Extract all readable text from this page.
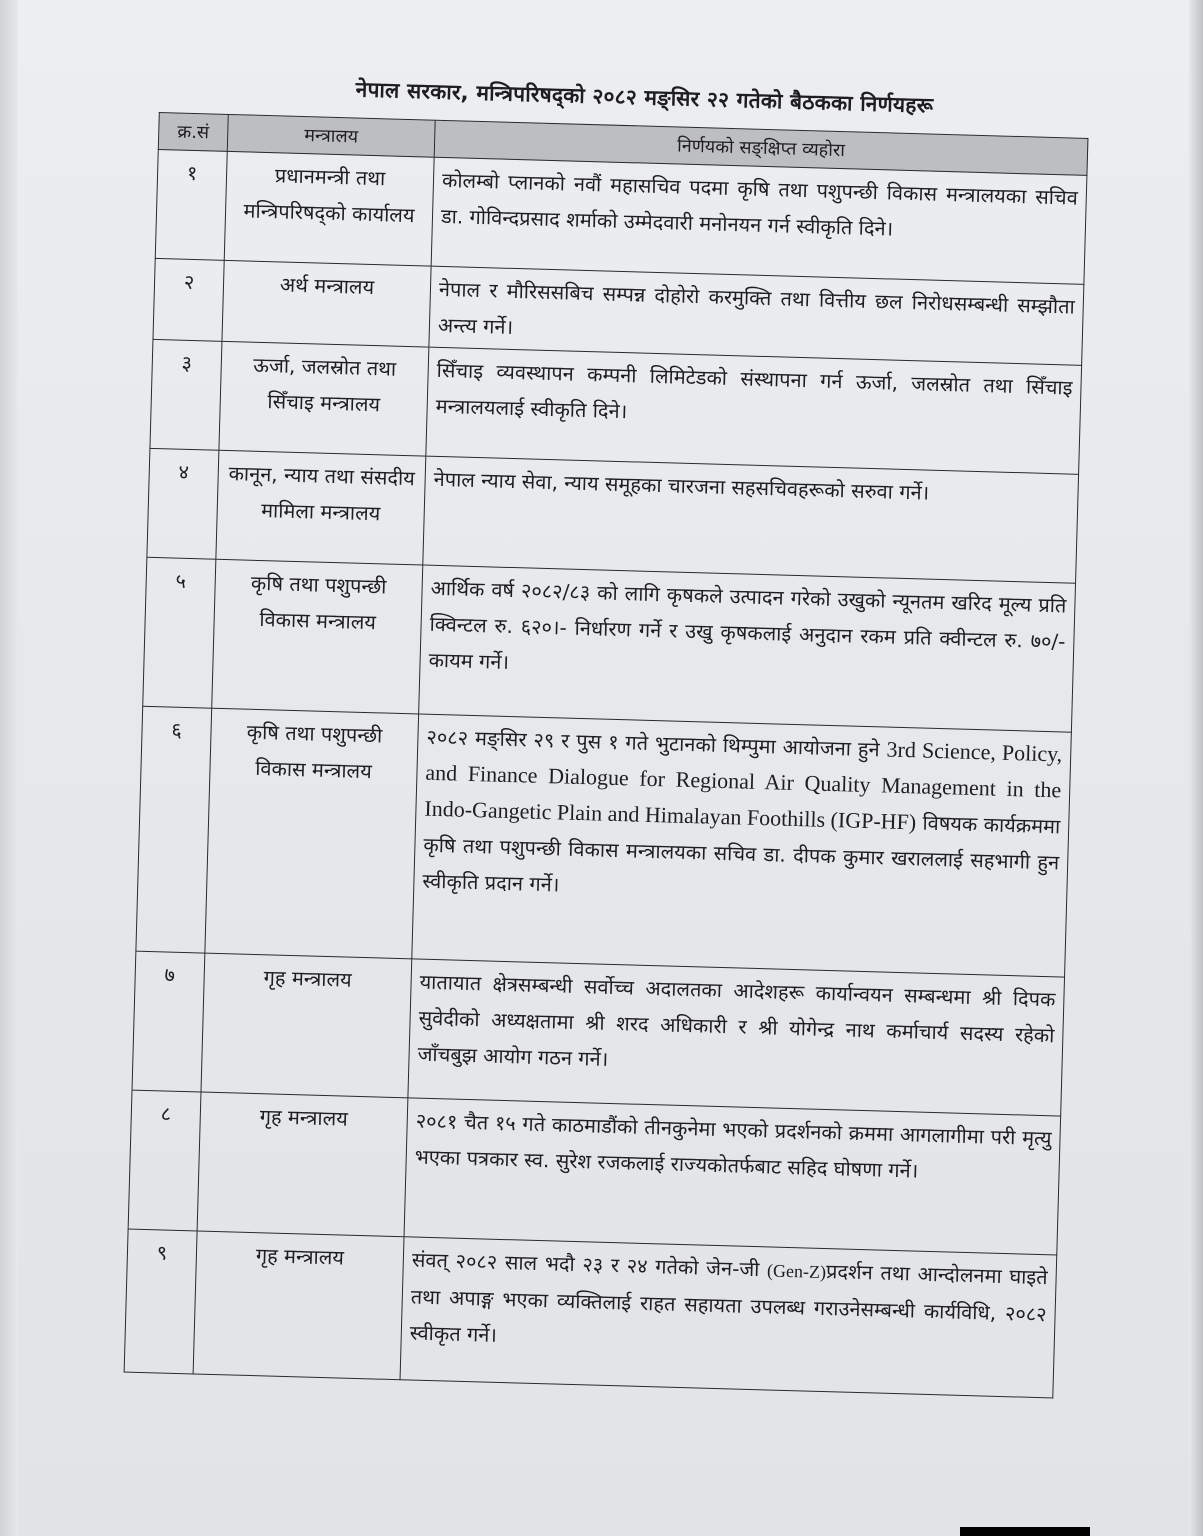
नेपाल सरकार, मन्त्रिपरिषद्को २०८२ मङ्सिर २२ गतेको बैठकका निर्णयहरू
क्र.सं	मन्त्रालय	निर्णयको सङ्क्षिप्त व्यहोरा
१	प्रधानमन्त्री तथा मन्त्रिपरिषद्को कार्यालय	कोलम्बो प्लानको नवौं महासचिव पदमा कृषि तथा पशुपन्छी विकास मन्त्रालयका सचिव डा. गोविन्दप्रसाद शर्माको उम्मेदवारी मनोनयन गर्न स्वीकृति दिने।
२	अर्थ मन्त्रालय	नेपाल र मौरिससबिच सम्पन्न दोहोरो करमुक्ति तथा वित्तीय छल निरोधसम्बन्धी सम्झौता अन्त्य गर्ने।
३	ऊर्जा, जलस्रोत तथा सिँचाइ मन्त्रालय	सिँचाइ व्यवस्थापन कम्पनी लिमिटेडको संस्थापना गर्न ऊर्जा, जलस्रोत तथा सिँचाइ मन्त्रालयलाई स्वीकृति दिने।
४	कानून, न्याय तथा संसदीय मामिला मन्त्रालय	नेपाल न्याय सेवा, न्याय समूहका चारजना सहसचिवहरूको सरुवा गर्ने।
५	कृषि तथा पशुपन्छी विकास मन्त्रालय	आर्थिक वर्ष २०८२/८३ को लागि कृषकले उत्पादन गरेको उखुको न्यूनतम खरिद मूल्य प्रति क्विन्टल रु. ६२०।- निर्धारण गर्ने र उखु कृषकलाई अनुदान रकम प्रति क्वीन्टल रु. ७०/- कायम गर्ने।
६	कृषि तथा पशुपन्छी विकास मन्त्रालय	२०८२ मङ्सिर २९ र पुस १ गते भुटानको थिम्पुमा आयोजना हुने 3rd Science, Policy, and Finance Dialogue for Regional Air Quality Management in the Indo-Gangetic Plain and Himalayan Foothills (IGP-HF) विषयक कार्यक्रममा कृषि तथा पशुपन्छी विकास मन्त्रालयका सचिव डा. दीपक कुमार खराललाई सहभागी हुन स्वीकृति प्रदान गर्ने।
७	गृह मन्त्रालय	यातायात क्षेत्रसम्बन्धी सर्वोच्च अदालतका आदेशहरू कार्यान्वयन सम्बन्धमा श्री दिपक सुवेदीको अध्यक्षतामा श्री शरद अधिकारी र श्री योगेन्द्र नाथ कर्माचार्य सदस्य रहेको जाँचबुझ आयोग गठन गर्ने।
८	गृह मन्त्रालय	२०८१ चैत १५ गते काठमाडौंको तीनकुनेमा भएको प्रदर्शनको क्रममा आगलागीमा परी मृत्यु भएका पत्रकार स्व. सुरेश रजकलाई राज्यकोतर्फबाट सहिद घोषणा गर्ने।
९	गृह मन्त्रालय	संवत् २०८२ साल भदौ २३ र २४ गतेको जेन-जी (Gen-Z)प्रदर्शन तथा आन्दोलनमा घाइते तथा अपाङ्ग भएका व्यक्तिलाई राहत सहायता उपलब्ध गराउनेसम्बन्धी कार्यविधि, २०८२ स्वीकृत गर्ने।
